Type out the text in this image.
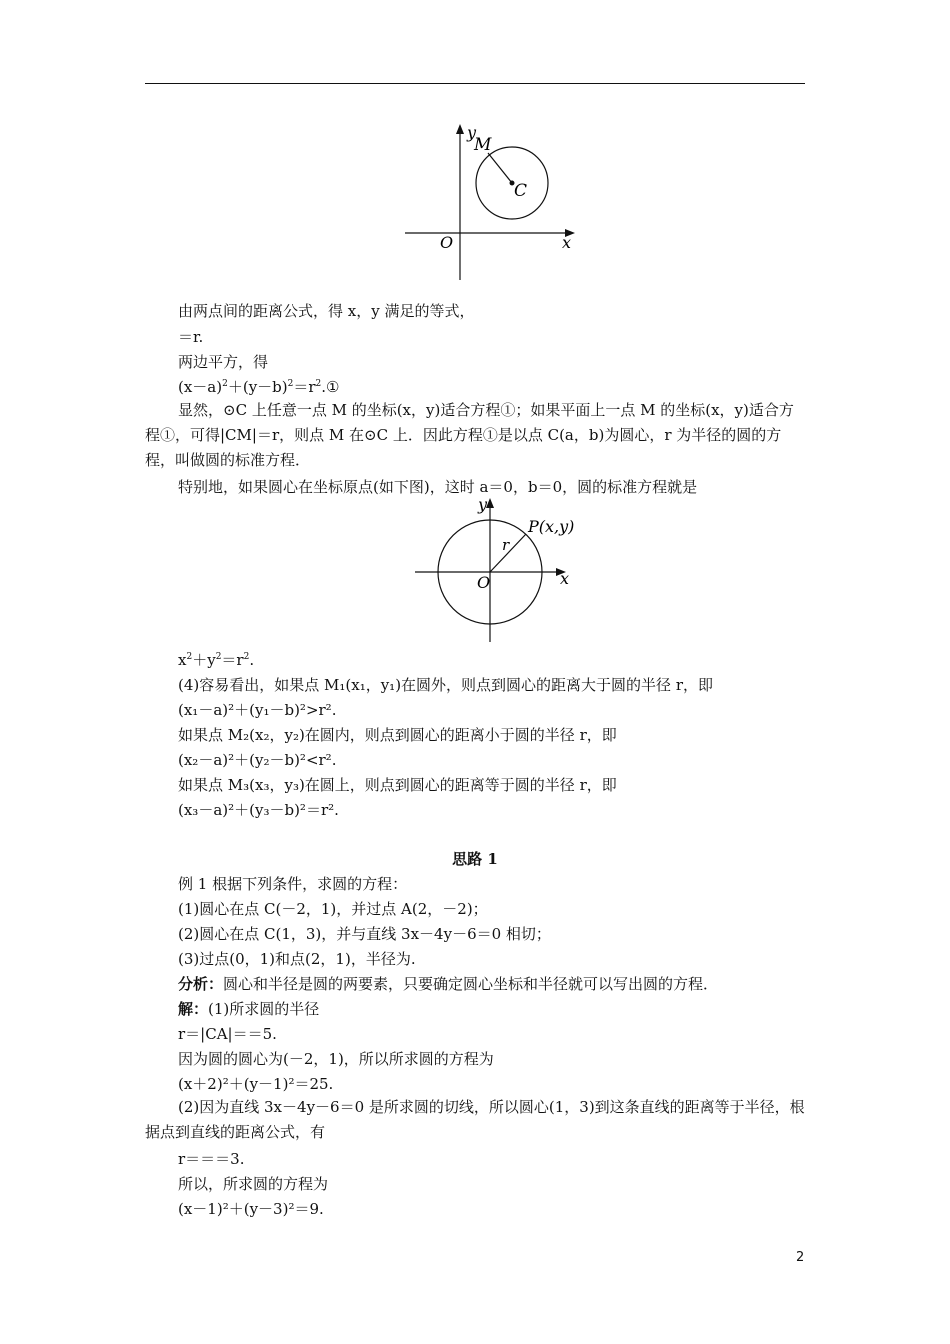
y
M
C
O	x
由两点间的距离公式，得 x，y 满足的等式，
＝r.
两边平方，得
$(x-a)^2+(y-b)^2=r^2.①$
显然，⊙C 上任意一点 M 的坐标(x，y)适合方程①；如果平面上一点 M 的坐标(x，y)适合方程①，可得|CM|＝r，则点 M 在⊙C 上．因此方程①是以点 C(a，b)为圆心，r 为半径的圆的方程，叫做圆的标准方程．
特别地，如果圆心在坐标原点(如下图)，这时 a＝0，b＝0，圆的标准方程就是
y
P(x,y)
r
O	x
$x^2+y^2=r^2$.
(4)容易看出，如果点 M₁(x₁，y₁)在圆外，则点到圆心的距离大于圆的半径 r，即
(x₁－a)²＋(y₁－b)²>r².
如果点 M₂(x₂，y₂)在圆内，则点到圆心的距离小于圆的半径 r，即
(x₂－a)²＋(y₂－b)²<r².
如果点 M₃(x₃，y₃)在圆上，则点到圆心的距离等于圆的半径 r，即
(x₃－a)²＋(y₃－b)²＝r².
思路 1
例 1 根据下列条件，求圆的方程：
(1)圆心在点 C(－2，1)，并过点 A(2，－2)；
(2)圆心在点 C(1，3)，并与直线 3x－4y－6＝0 相切；
(3)过点(0，1)和点(2，1)，半径为.
分析：圆心和半径是圆的两要素，只要确定圆心坐标和半径就可以写出圆的方程．
解：(1)所求圆的半径
r＝|CA|＝＝5.
因为圆的圆心为(－2，1)，所以所求圆的方程为
(x＋2)²＋(y－1)²＝25.
(2)因为直线 3x－4y－6＝0 是所求圆的切线，所以圆心(1，3)到这条直线的距离等于半径，根据点到直线的距离公式，有
r＝＝＝3.
所以，所求圆的方程为
(x－1)²＋(y－3)²＝9.
2
